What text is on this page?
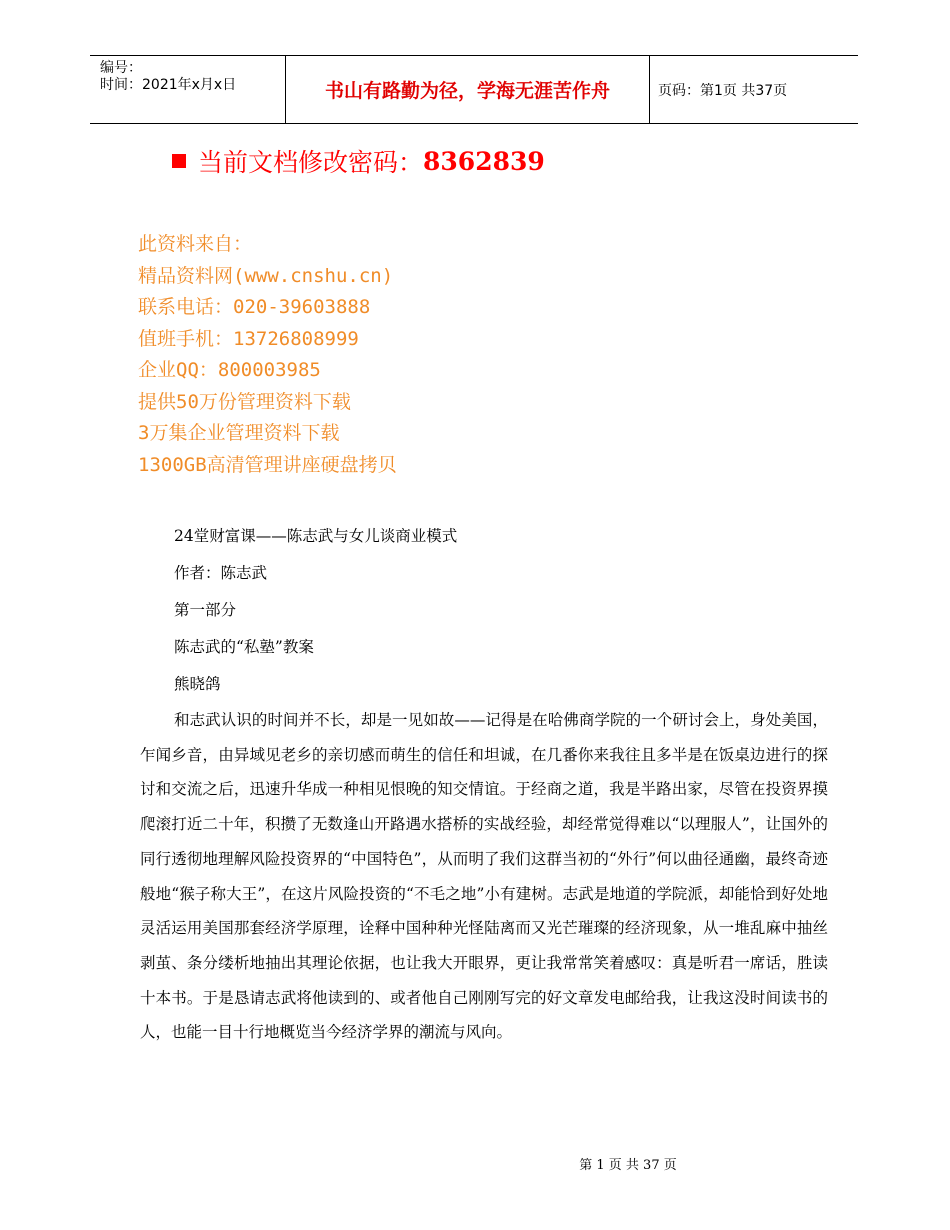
编号：
时间：2021年x月x日	书山有路勤为径，学海无涯苦作舟	页码：第1页 共37页
当前文档修改密码： 8362839
此资料来自：
精品资料网(www.cnshu.cn)
联系电话：020-39603888
值班手机：13726808999
企业QQ：800003985
提供50万份管理资料下载
3万集企业管理资料下载
1300GB高清管理讲座硬盘拷贝
24堂财富课——陈志武与女儿谈商业模式
作者：陈志武
第一部分
陈志武的“私塾”教案
熊晓鸽

和志武认识的时间并不长，却是一见如故——记得是在哈佛商学院的一个研讨会上，身处美国，乍闻乡音，由异域见老乡的亲切感而萌生的信任和坦诚，在几番你来我往且多半是在饭桌边进行的探讨和交流之后，迅速升华成一种相见恨晚的知交情谊。于经商之道，我是半路出家，尽管在投资界摸爬滚打近二十年，积攒了无数逢山开路遇水搭桥的实战经验，却经常觉得难以“以理服人”，让国外的同行透彻地理解风险投资界的“中国特色”，从而明了我们这群当初的“外行”何以曲径通幽，最终奇迹般地“猴子称大王”，在这片风险投资的“不毛之地”小有建树。志武是地道的学院派，却能恰到好处地灵活运用美国那套经济学原理，诠释中国种种光怪陆离而又光芒璀璨的经济现象，从一堆乱麻中抽丝剥茧、条分缕析地抽出其理论依据，也让我大开眼界，更让我常常笑着感叹：真是听君一席话，胜读十本书。于是恳请志武将他读到的、或者他自己刚刚写完的好文章发电邮给我，让我这没时间读书的人，也能一目十行地概览当今经济学界的潮流与风向。

第 1 页 共 37 页
